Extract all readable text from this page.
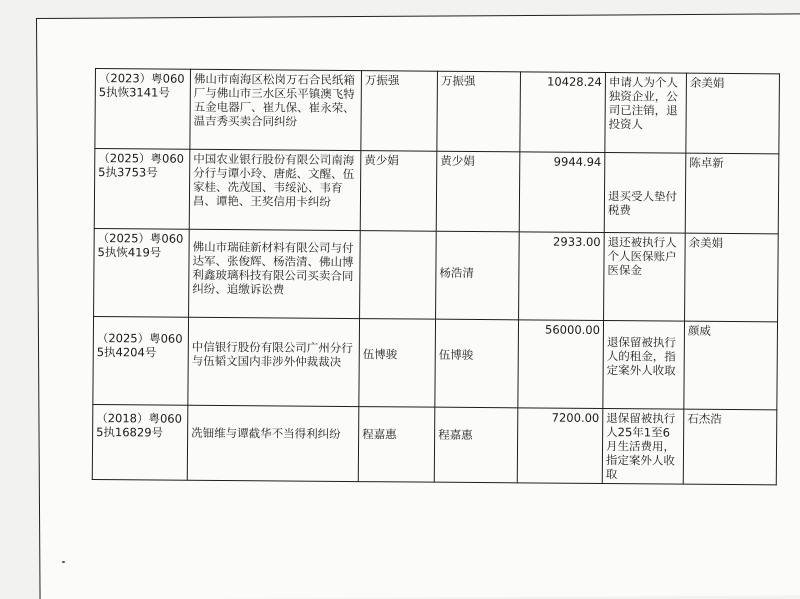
（2023）粤0605执恢3141号	佛山市南海区松岗万石合民纸箱厂与佛山市三水区乐平镇澳飞特五金电器厂、崔九保、崔永荣、温吉秀买卖合同纠纷	万振强	万振强	10428.24	申请人为个人独资企业，公司已注销，退投资人	余美娟
（2025）粤0605执3753号	中国农业银行股份有限公司南海分行与谭小玲、唐彪、文醒、伍家桂、冼茂国、韦绥沁、韦育昌、谭艳、王奖信用卡纠纷	黄少娟	黄少娟	9944.94	退买受人垫付税费	陈卓新
（2025）粤0605执恢419号	佛山市瑞硅新材料有限公司与付达军、张俊辉、杨浩清、佛山博利鑫玻璃科技有限公司买卖合同纠纷、追缴诉讼费		杨浩清	2933.00	退还被执行人个人医保账户医保金	余美娟
（2025）粤0605执4204号	中信银行股份有限公司广州分行与伍韬文国内非涉外仲裁裁决	伍博骏	伍博骏	56000.00	退保留被执行人的租金，指定案外人收取	颜威
（2018）粤0605执16829号	冼钿维与谭截华不当得利纠纷	程嘉惠	程嘉惠	7200.00	退保留被执行人25年1至6月生活费用，指定案外人收取	石杰浩
